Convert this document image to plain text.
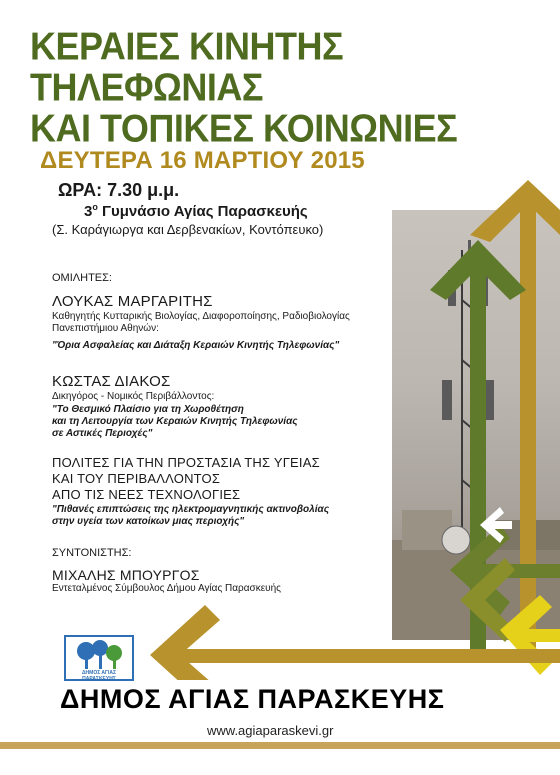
ΚΕΡΑΙΕΣ ΚΙΝΗΤΗΣ ΤΗΛΕΦΩΝΙΑΣ
ΚΑΙ ΤΟΠΙΚΕΣ ΚΟΙΝΩΝΙΕΣ
ΔΕΥΤΕΡΑ 16 ΜΑΡΤΙΟΥ 2015
ΩΡΑ: 7.30 μ.μ.
$3^o$ Γυμνάσιο Αγίας Παρασκευής
(Σ. Καράγιωργα και Δερβενακίων, Κοντόπευκο)
ΟΜΙΛΗΤΕΣ:
ΛΟΥΚΑΣ ΜΑΡΓΑΡΙΤΗΣ
Καθηγητής Κυτταρικής Βιολογίας, Διαφοροποίησης, Ραδιοβιολογίας
Πανεπιστήμιου Αθηνών:
"Όρια Ασφαλείας και Διάταξη Κεραιών Κινητής Τηλεφωνίας"
ΚΩΣΤΑΣ ΔΙΑΚΟΣ
Δικηγόρος - Νομικός Περιβάλλοντος:
"Το Θεσμικό Πλαίσιο για τη Χωροθέτηση
και τη Λειτουργία των Κεραιών Κινητής Τηλεφωνίας
σε Αστικές Περιοχές"
ΠΟΛΙΤΕΣ ΓΙΑ ΤΗΝ ΠΡΟΣΤΑΣΙΑ ΤΗΣ ΥΓΕΙΑΣ
ΚΑΙ ΤΟΥ ΠΕΡΙΒΑΛΛΟΝΤΟΣ
ΑΠΟ ΤΙΣ ΝΕΕΣ ΤΕΧΝΟΛΟΓΙΕΣ
"Πιθανές επιπτώσεις της ηλεκτρομαγνητικής ακτινοβολίας
στην υγεία των κατοίκων μιας περιοχής"
ΣΥΝΤΟΝΙΣΤΗΣ:
ΜΙΧΑΛΗΣ ΜΠΟΥΡΓΟΣ
Εντεταλμένος Σύμβουλος Δήμου Αγίας Παρασκευής
ΔΗΜΟΣ ΑΓΙΑΣ ΠΑΡΑΣΚΕΥΗΣ
ΔΗΜΟΣ ΑΓΙΑΣ ΠΑΡΑΣΚΕΥΗΣ
www.agiaparaskevi.gr
